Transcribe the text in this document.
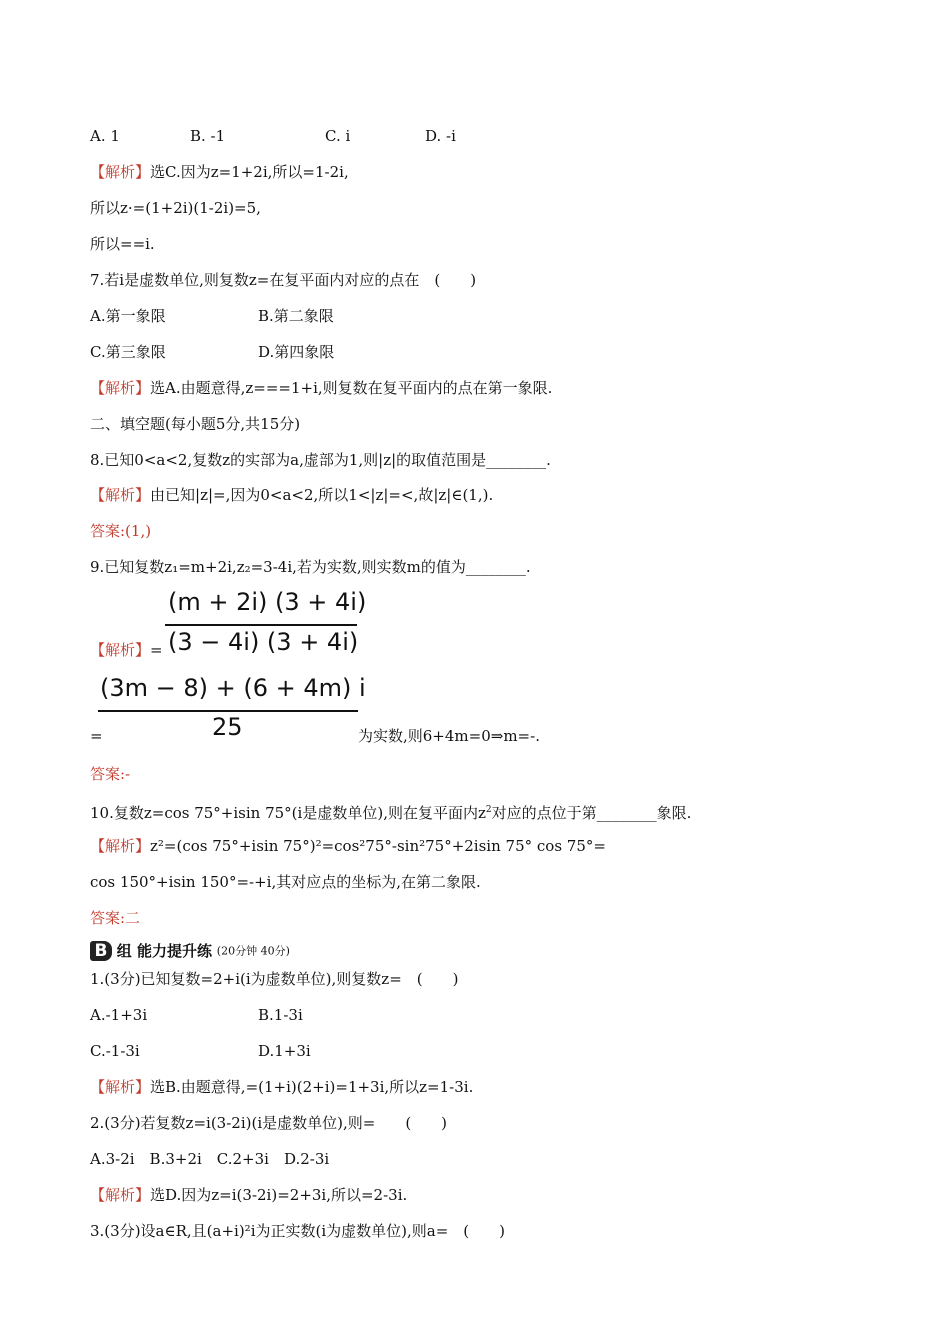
A. 1	B. -1	C. i	D. -i
【解析】选C.因为z=1+2i,所以=1-2i,
所以z·=(1+2i)(1-2i)=5,
所以==i.
7.若i是虚数单位,则复数z=在复平面内对应的点在　(　　)
A.第一象限	B.第二象限
C.第三象限	D.第四象限
【解析】选A.由题意得,z===1+i,则复数在复平面内的点在第一象限.
二、填空题(每小题5分,共15分)
8.已知0<a<2,复数z的实部为a,虚部为1,则|z|的取值范围是________.
【解析】由已知|z|=,因为0<a<2,所以1<|z|=<,故|z|∈(1,).
答案:(1,)
9.已知复数z₁=m+2i,z₂=3-4i,若为实数,则实数m的值为________.
【解析】=
(m + 2i) (3 + 4i)
(3 − 4i) (3 + 4i)
(3m − 8) + (6 + 4m) i
25
=	为实数,则6+4m=0⇒m=-.
答案:-
10.复数z=cos 75°+isin 75°(i是虚数单位),则在复平面内$z^2$对应的点位于第________象限.
【解析】z²=(cos 75°+isin 75°)²=cos²75°-sin²75°+2isin 75° cos 75°=
cos 150°+isin 150°=-+i,其对应点的坐标为,在第二象限.
答案:二
B 组 能力提升练 (20分钟 40分)
1.(3分)已知复数=2+i(i为虚数单位),则复数z=　(　　)
A.-1+3i	B.1-3i
C.-1-3i	D.1+3i
【解析】选B.由题意得,=(1+i)(2+i)=1+3i,所以z=1-3i.
2.(3分)若复数z=i(3-2i)(i是虚数单位),则=　　(　　)
A.3-2i　B.3+2i　C.2+3i　D.2-3i
【解析】选D.因为z=i(3-2i)=2+3i,所以=2-3i.
3.(3分)设a∈R,且(a+i)²i为正实数(i为虚数单位),则a=　(　　)
